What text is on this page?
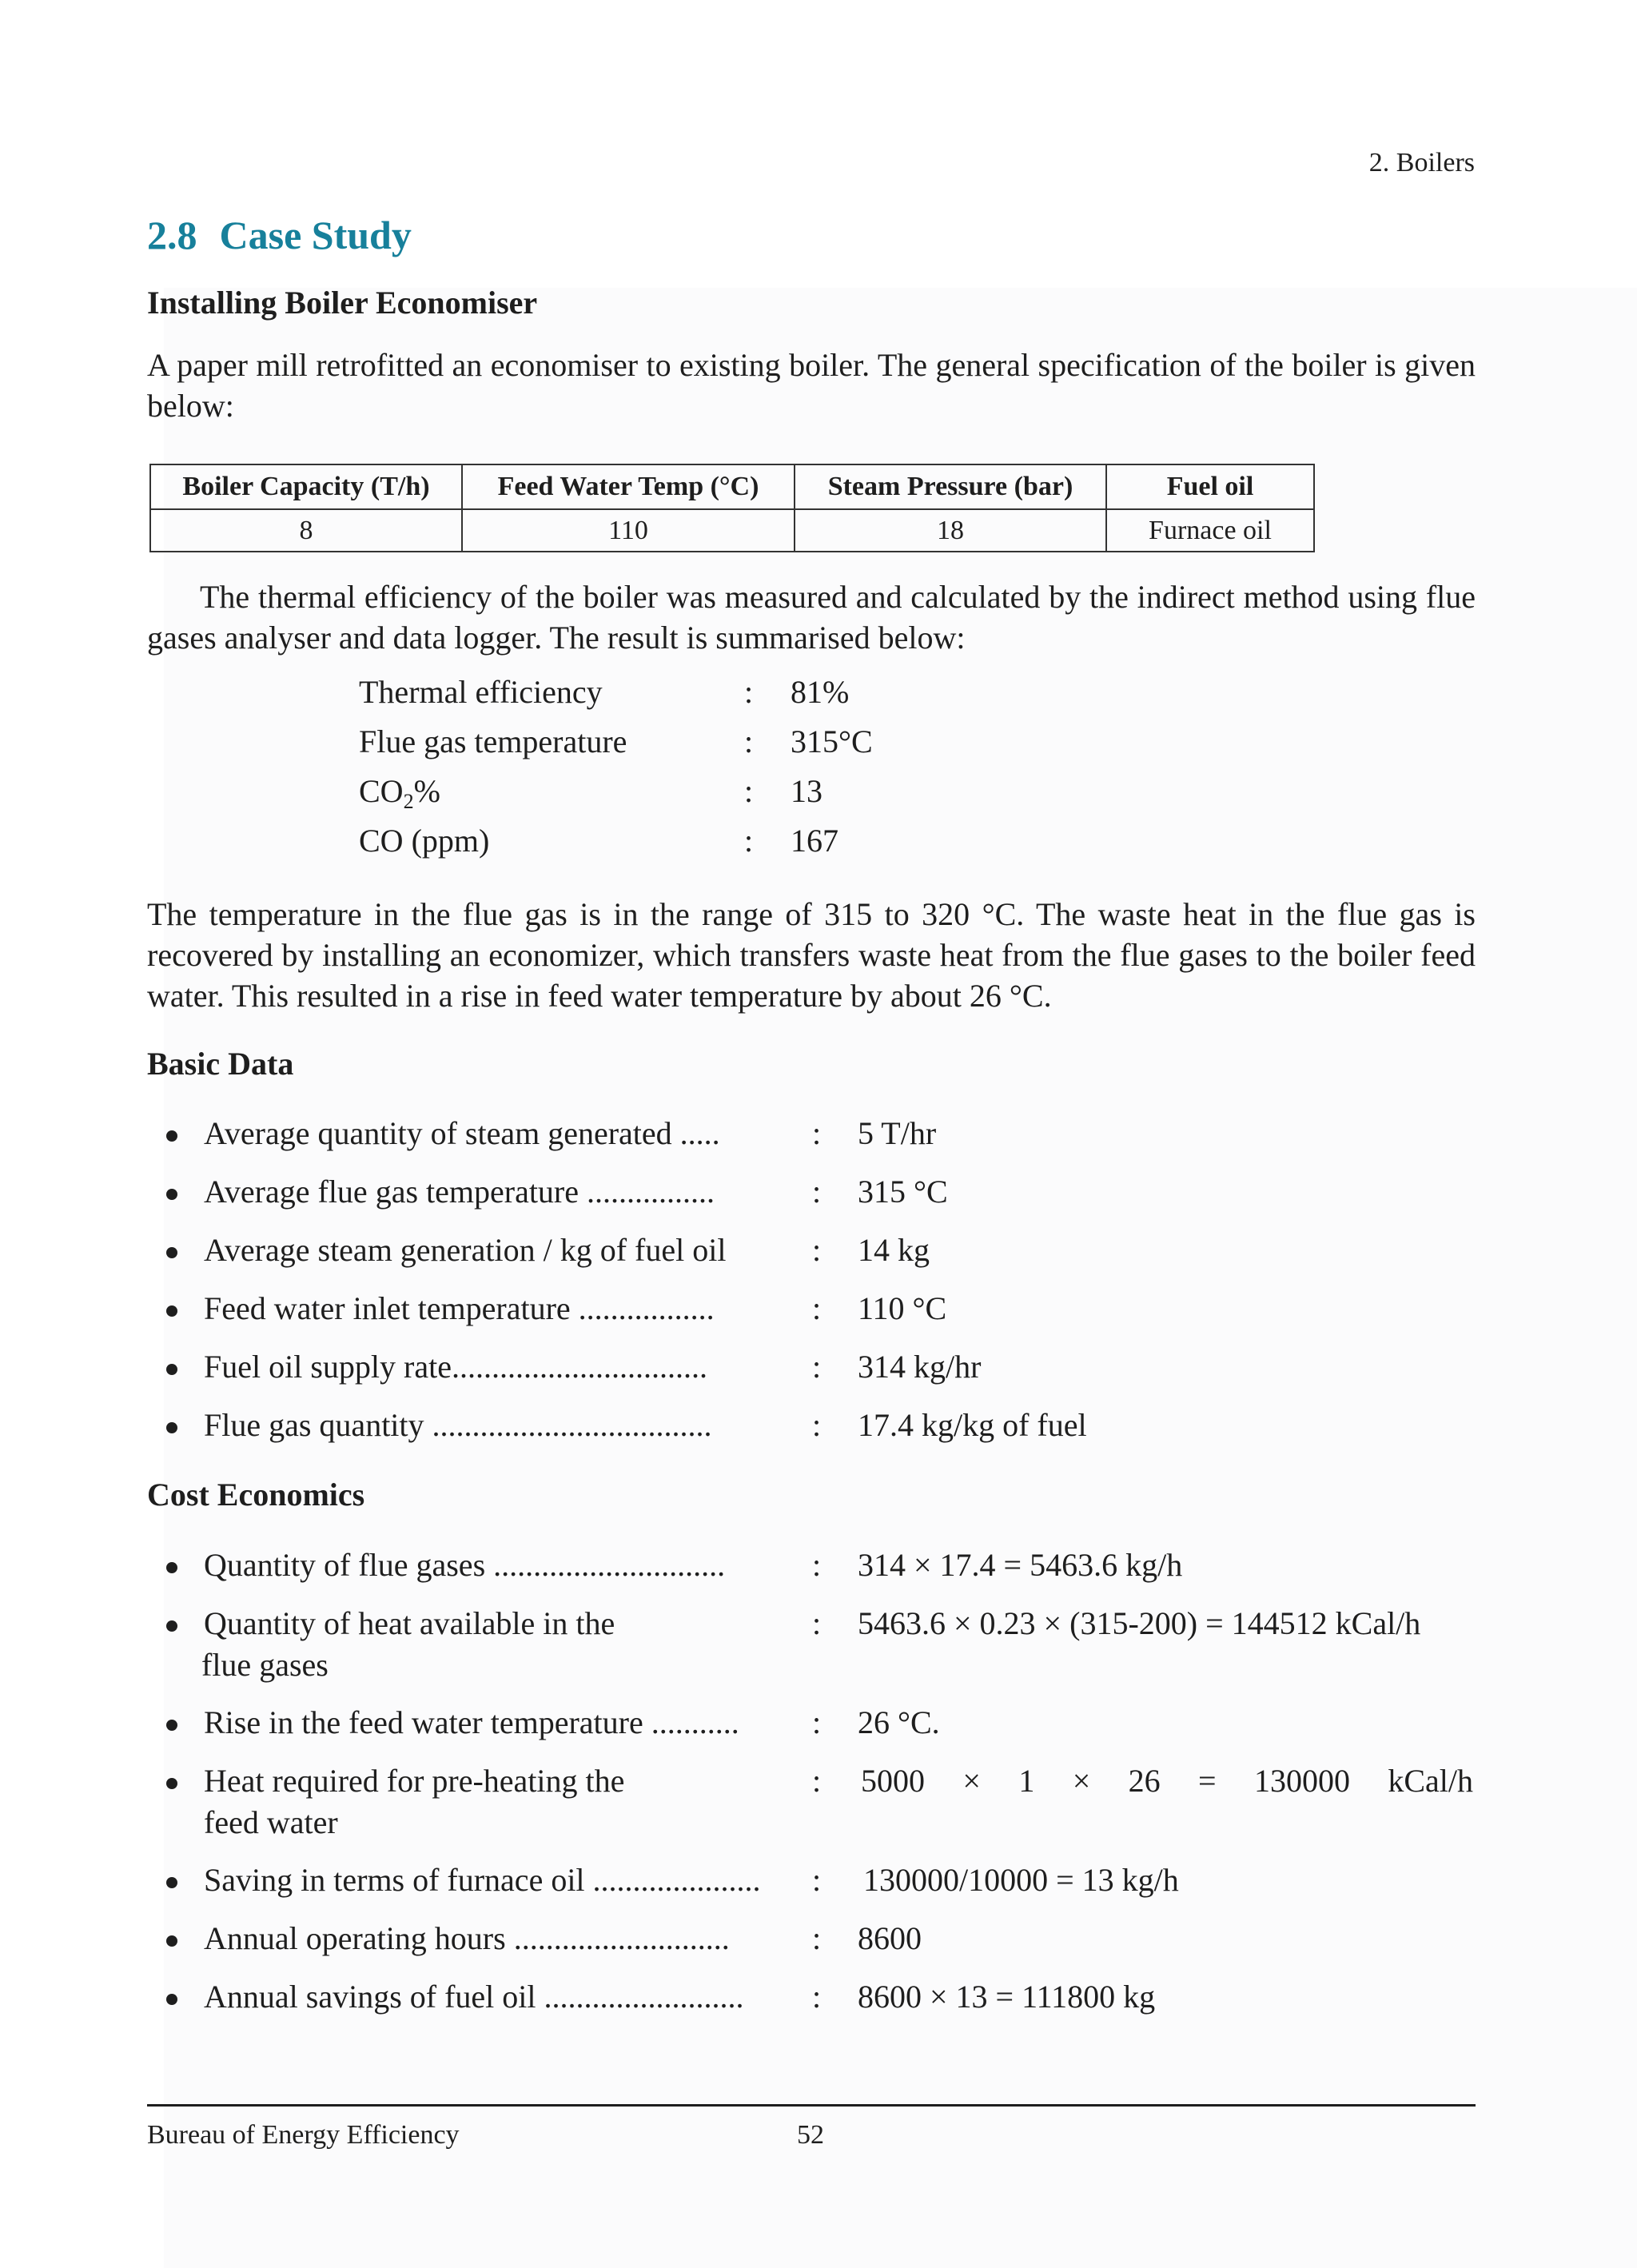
2. Boilers
2.8 Case Study
Installing Boiler Economiser

A paper mill retrofitted an economiser to existing boiler. The general specification of the boiler is given below:

Boiler Capacity (T/h)	Feed Water Temp (°C)	Steam Pressure (bar)	Fuel oil
8	110	18	Furnace oil

The thermal efficiency of the boiler was measured and calculated by the indirect method using flue gases analyser and data logger. The result is summarised below:

Thermal efficiency	: 81%
Flue gas temperature	: 315°C
$CO_2\%$	: 13
CO (ppm)	: 167

The temperature in the flue gas is in the range of 315 to 320 °C. The waste heat in the flue gas is recovered by installing an economizer, which transfers waste heat from the flue gases to the boiler feed water. This resulted in a rise in feed water temperature by about 26 °C.

Basic Data
Average quantity of steam generated .....	: 5 T/hr
Average flue gas temperature ................	: 315 °C
Average steam generation / kg of fuel oil	: 14 kg
Feed water inlet temperature .................	: 110 °C
Fuel oil supply rate................................	: 314 kg/hr
Flue gas quantity ...................................	: 17.4 kg/kg of fuel
Cost Economics
Quantity of flue gases .............................	: 314 × 17.4 = 5463.6 kg/h
Quantity of heat available in the
flue gases
: 5463.6 × 0.23 × (315-200) = 144512 kCal/h
Rise in the feed water temperature ........... : 26 °C.
Heat required for pre-heating the
feed water
: 5000 × 1 × 26 = 130000 kCal/h
Saving in terms of furnace oil ..................... : 130000/10000 = 13 kg/h
Annual operating hours ...........................	: 8600
Annual savings of fuel oil ......................... : 8600 × 13 = 111800 kg
Bureau of Energy Efficiency	52
